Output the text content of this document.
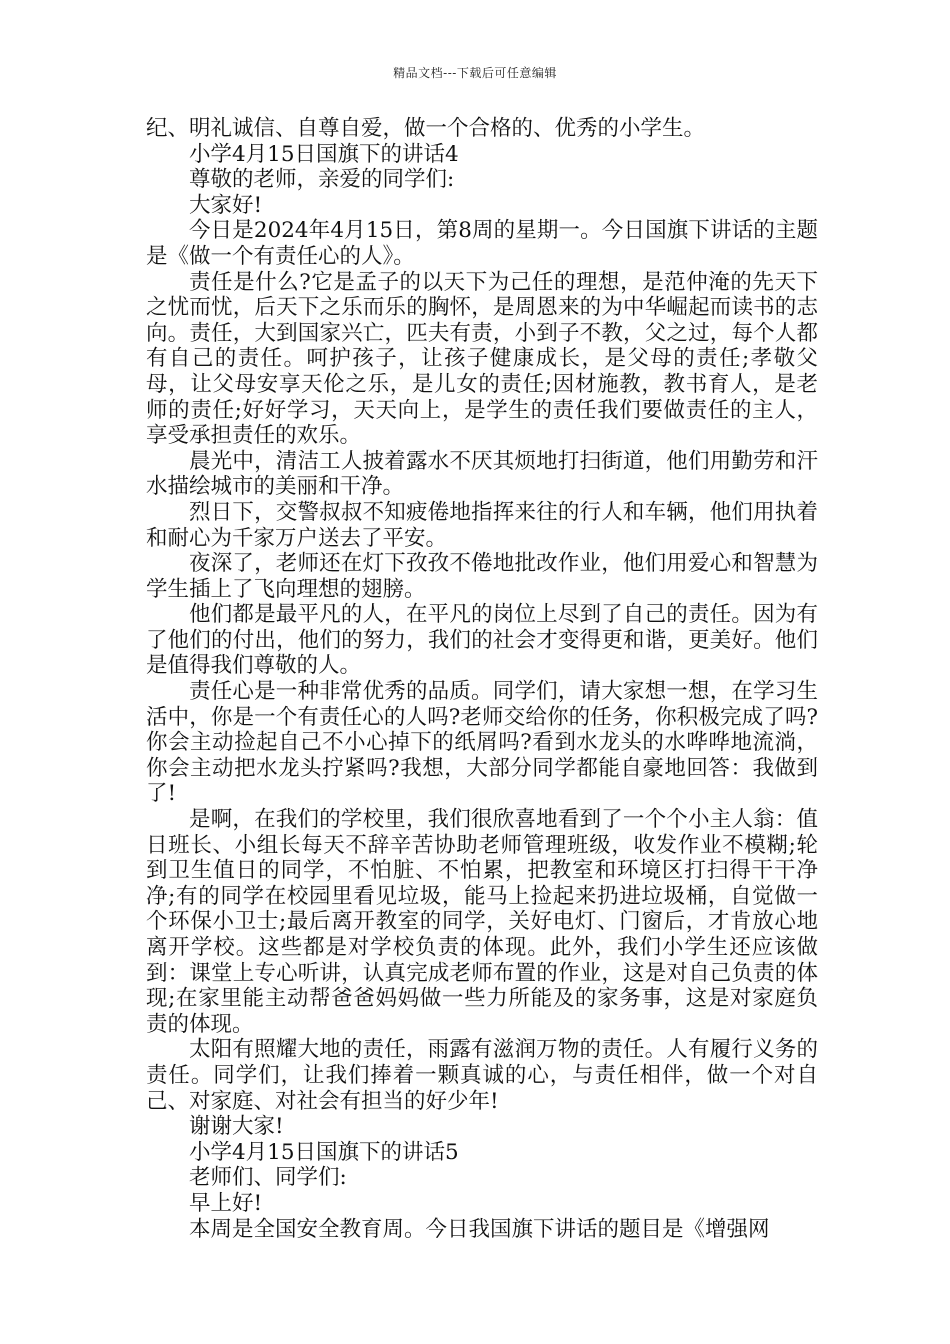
精品文档---下载后可任意编辑

纪、明礼诚信、自尊自爱，做一个合格的、优秀的小学生。

小学4月15日国旗下的讲话4

尊敬的老师，亲爱的同学们:

大家好!

今日是2024年4月15日，第8周的星期一。今日国旗下讲话的主题是《做一个有责任心的人》。

责任是什么?它是孟子的以天下为己任的理想，是范仲淹的先天下之忧而忧，后天下之乐而乐的胸怀，是周恩来的为中华崛起而读书的志向。责任，大到国家兴亡，匹夫有责，小到子不教，父之过，每个人都有自己的责任。呵护孩子，让孩子健康成长，是父母的责任;孝敬父母，让父母安享天伦之乐，是儿女的责任;因材施教，教书育人，是老师的责任;好好学习，天天向上，是学生的责任我们要做责任的主人，享受承担责任的欢乐。

晨光中，清洁工人披着露水不厌其烦地打扫街道，他们用勤劳和汗水描绘城市的美丽和干净。

烈日下，交警叔叔不知疲倦地指挥来往的行人和车辆，他们用执着和耐心为千家万户送去了平安。

夜深了，老师还在灯下孜孜不倦地批改作业，他们用爱心和智慧为学生插上了飞向理想的翅膀。

他们都是最平凡的人，在平凡的岗位上尽到了自己的责任。因为有了他们的付出，他们的努力，我们的社会才变得更和谐，更美好。他们是值得我们尊敬的人。

责任心是一种非常优秀的品质。同学们，请大家想一想，在学习生活中，你是一个有责任心的人吗?老师交给你的任务，你积极完成了吗?你会主动捡起自己不小心掉下的纸屑吗?看到水龙头的水哗哗地流淌，你会主动把水龙头拧紧吗?我想，大部分同学都能自豪地回答：我做到了!

是啊，在我们的学校里，我们很欣喜地看到了一个个小主人翁：值日班长、小组长每天不辞辛苦协助老师管理班级，收发作业不模糊;轮到卫生值日的同学，不怕脏、不怕累，把教室和环境区打扫得干干净净;有的同学在校园里看见垃圾，能马上捡起来扔进垃圾桶，自觉做一个环保小卫士;最后离开教室的同学，关好电灯、门窗后，才肯放心地离开学校。这些都是对学校负责的体现。此外，我们小学生还应该做到：课堂上专心听讲，认真完成老师布置的作业，这是对自己负责的体现;在家里能主动帮爸爸妈妈做一些力所能及的家务事，这是对家庭负责的体现。

太阳有照耀大地的责任，雨露有滋润万物的责任。人有履行义务的责任。同学们，让我们捧着一颗真诚的心，与责任相伴，做一个对自己、对家庭、对社会有担当的好少年!

谢谢大家!

小学4月15日国旗下的讲话5

老师们、同学们:

早上好!

本周是全国安全教育周。今日我国旗下讲话的题目是《增强网
